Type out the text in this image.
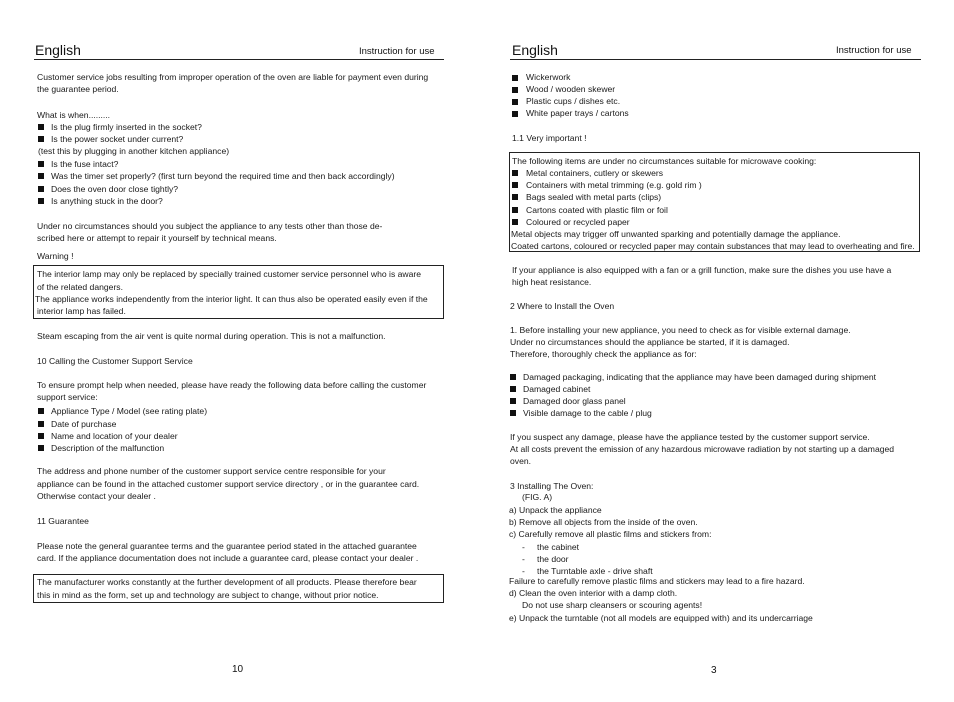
English	Instruction for use
Customer service jobs resulting from improper operation of the oven are liable for payment even during
the guarantee period.
What is when.........
Is the plug firmly inserted in the socket?
Is the power socket under current?
(test this by plugging in another kitchen appliance)
Is the fuse intact?
Was the timer set properly? (first turn beyond the required time and then back accordingly)
Does the oven door close tightly?
Is anything stuck in the door?
Under no circumstances should you subject the appliance to any tests other than those de-
scribed here or attempt to repair it yourself by technical means.
Warning !
The interior lamp may only be replaced by specially trained customer service personnel who is aware
of the related dangers.
The appliance works independently from the interior light. It can thus also be operated easily even if the
interior lamp has failed.
Steam escaping from the air vent is quite normal during operation. This is not a malfunction.
10 Calling the Customer Support Service
To ensure prompt help when needed, please have ready the following data before calling the customer
support service:
Appliance Type / Model (see rating plate)
Date of purchase
Name and location of your dealer
Description of the malfunction
The address and phone number of the customer support service centre responsible for your
appliance can be found in the attached customer support service directory , or in the guarantee card.
Otherwise contact your dealer .
11 Guarantee
Please note the general guarantee terms and the guarantee period stated in the attached guarantee
card. If the appliance documentation does not include a guarantee card, please contact your dealer .
The manufacturer works constantly at the further development of all products. Please therefore bear
this in mind as the form, set up and technology are subject to change, without prior notice.
10
English	Instruction for use
Wickerwork
Wood / wooden skewer
Plastic cups / dishes etc.
White paper trays / cartons
1.1 Very important !
The following items are under no circumstances suitable for microwave cooking:
Metal containers, cutlery or skewers
Containers with metal trimming (e.g. gold rim )
Bags sealed with metal parts (clips)
Cartons coated with plastic film or foil
Coloured or recycled paper
Metal objects may trigger off unwanted sparking and potentially damage the appliance.
Coated cartons, coloured or recycled paper may contain substances that may lead to overheating and fire.
If your appliance is also equipped with a fan or a grill function, make sure the dishes you use have a
high heat resistance.
2 Where to Install the Oven
1. Before installing your new appliance, you need to check as for visible external damage.
Under no circumstances should the appliance be started, if it is damaged.
Therefore, thoroughly check the appliance as for:
Damaged packaging, indicating that the appliance may have been damaged during shipment
Damaged cabinet
Damaged door glass panel
Visible damage to the cable / plug
If you suspect any damage, please have the appliance tested by the customer support service.
At all costs prevent the emission of any hazardous microwave radiation by not starting up a damaged
oven.
3 Installing The Oven:
(FIG. A)
a) Unpack the appliance
b) Remove all objects from the inside of the oven.
c) Carefully remove all plastic films and stickers from:
- the cabinet
- the door
- the Turntable axle - drive shaft
Failure to carefully remove plastic films and stickers may lead to a fire hazard.
d) Clean the oven interior with a damp cloth.
Do not use sharp cleansers or scouring agents!
e) Unpack the turntable (not all models are equipped with) and its undercarriage
3
